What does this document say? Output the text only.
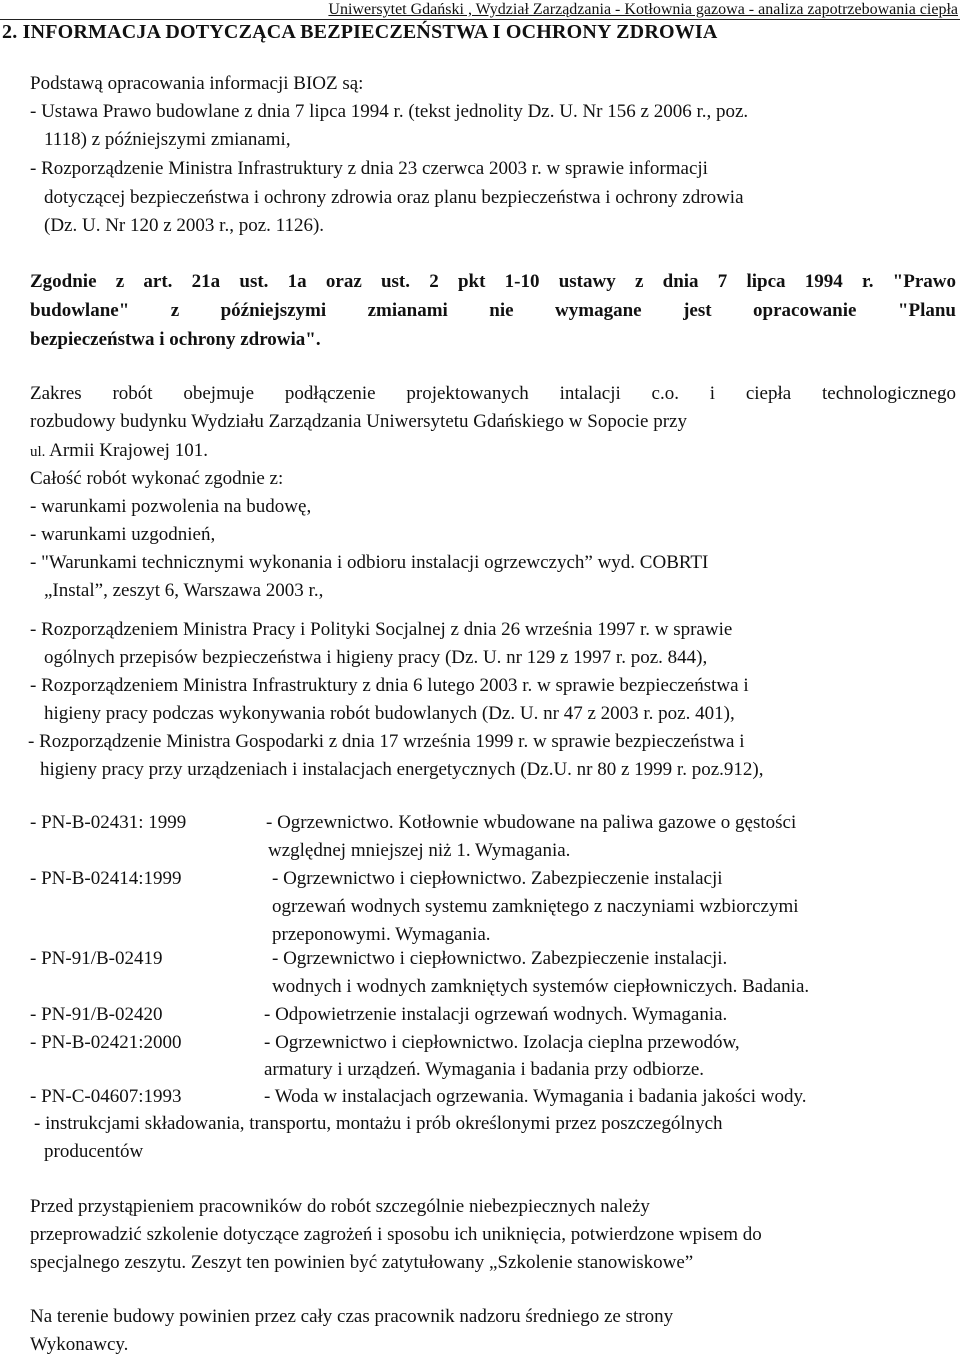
Uniwersytet Gdański , Wydział Zarządzania - Kotłownia gazowa - analiza zapotrzebowania ciepła
2. INFORMACJA DOTYCZĄCA BEZPIECZEŃSTWA I OCHRONY ZDROWIA
Podstawą opracowania informacji BIOZ są:
- Ustawa Prawo budowlane z dnia 7 lipca 1994 r. (tekst jednolity Dz. U. Nr 156 z 2006 r., poz.
1118) z późniejszymi zmianami,
- Rozporządzenie Ministra Infrastruktury z dnia 23 czerwca 2003 r. w sprawie informacji
dotyczącej bezpieczeństwa i ochrony zdrowia oraz planu bezpieczeństwa i ochrony zdrowia
(Dz. U. Nr 120 z 2003 r., poz. 1126).
Zgodnie z art. 21a ust. 1a oraz ust. 2 pkt 1-10 ustawy z dnia 7 lipca 1994 r. "Prawo
budowlane" z późniejszymi zmianami nie wymagane jest opracowanie "Planu
bezpieczeństwa i ochrony zdrowia".
Zakres robót obejmuje podłączenie projektowanych intalacji c.o. i ciepła technologicznego
rozbudowy budynku Wydziału Zarządzania Uniwersytetu Gdańskiego w Sopocie przy
ul. Armii Krajowej 101.
Całość robót wykonać zgodnie z:
- warunkami pozwolenia na budowę,
- warunkami uzgodnień,
- "Warunkami technicznymi wykonania i odbioru instalacji ogrzewczych” wyd. COBRTI
„Instal”, zeszyt 6, Warszawa 2003 r.,
- Rozporządzeniem Ministra Pracy i Polityki Socjalnej z dnia 26 września 1997 r. w sprawie
ogólnych przepisów bezpieczeństwa i higieny pracy (Dz. U. nr 129 z 1997 r. poz. 844),
- Rozporządzeniem Ministra Infrastruktury z dnia 6 lutego 2003 r. w sprawie bezpieczeństwa i
higieny pracy podczas wykonywania robót budowlanych (Dz. U. nr 47 z 2003 r. poz. 401),
- Rozporządzenie Ministra Gospodarki z dnia 17 września 1999 r. w sprawie bezpieczeństwa i
higieny pracy przy urządzeniach i instalacjach energetycznych (Dz.U. nr 80 z 1999 r. poz.912),
- PN-B-02431: 1999	- Ogrzewnictwo. Kotłownie wbudowane na paliwa gazowe o gęstości
względnej mniejszej niż 1. Wymagania.
- PN-B-02414:1999	- Ogrzewnictwo i ciepłownictwo. Zabezpieczenie instalacji
ogrzewań wodnych systemu zamkniętego z naczyniami wzbiorczymi
przeponowymi. Wymagania.
- PN-91/B-02419	- Ogrzewnictwo i ciepłownictwo. Zabezpieczenie instalacji.
wodnych i wodnych zamkniętych systemów ciepłowniczych. Badania.
- PN-91/B-02420	- Odpowietrzenie instalacji ogrzewań wodnych. Wymagania.
- PN-B-02421:2000	- Ogrzewnictwo i ciepłownictwo. Izolacja cieplna przewodów,
armatury i urządzeń. Wymagania i badania przy odbiorze.
- PN-C-04607:1993	- Woda w instalacjach ogrzewania. Wymagania i badania jakości wody.
- instrukcjami składowania, transportu, montażu i prób określonymi przez poszczególnych
producentów
Przed przystąpieniem pracowników do robót szczególnie niebezpiecznych należy
przeprowadzić szkolenie dotyczące zagrożeń i sposobu ich uniknięcia, potwierdzone wpisem do
specjalnego zeszytu. Zeszyt ten powinien być zatytułowany „Szkolenie stanowiskowe”
Na terenie budowy powinien przez cały czas pracownik nadzoru średniego ze strony
Wykonawcy.
